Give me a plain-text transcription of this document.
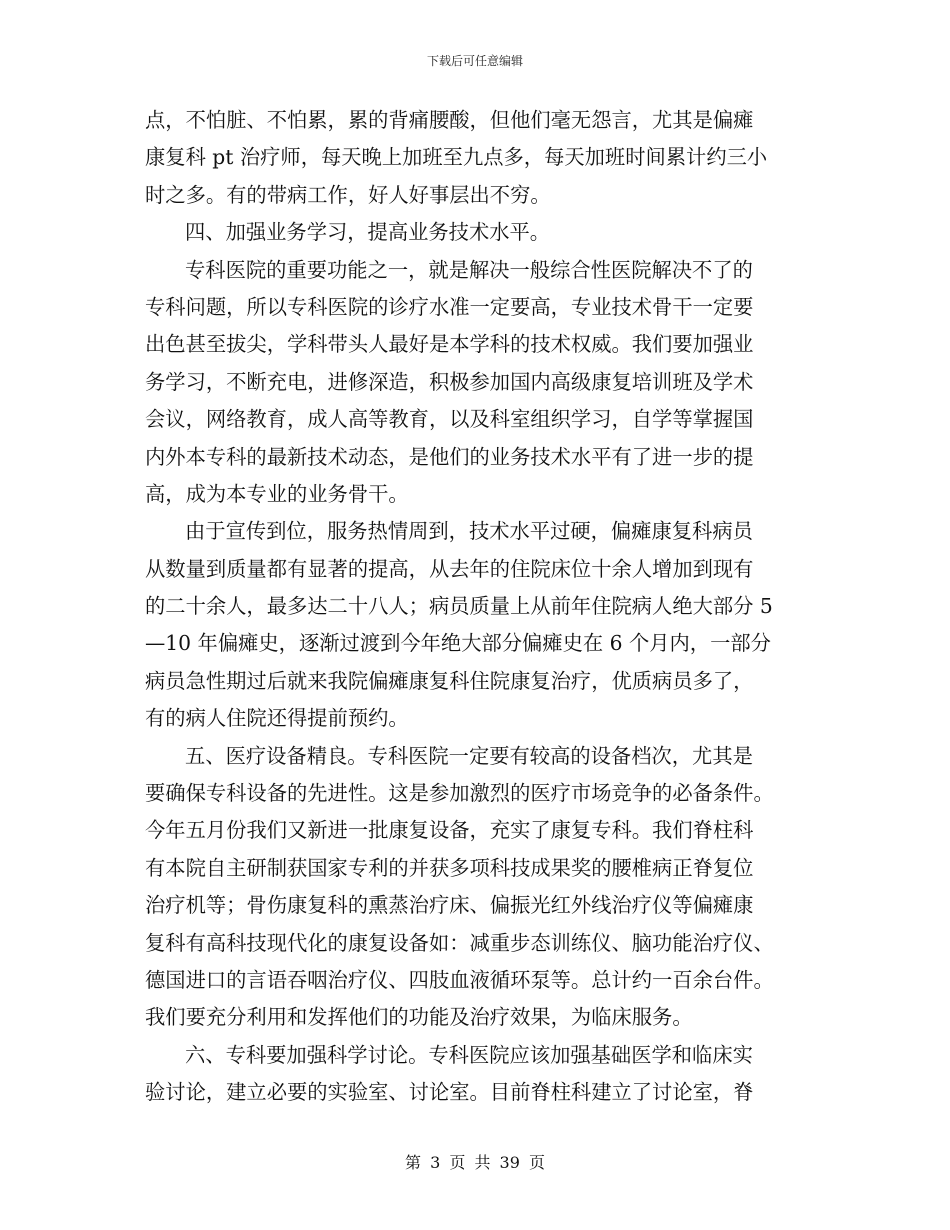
下载后可任意编辑
点，不怕脏、不怕累，累的背痛腰酸，但他们毫无怨言，尤其是偏瘫
康复科 pt 治疗师，每天晚上加班至九点多，每天加班时间累计约三小
时之多。有的带病工作，好人好事层出不穷。
四、加强业务学习，提高业务技术水平。
专科医院的重要功能之一，就是解决一般综合性医院解决不了的
专科问题，所以专科医院的诊疗水准一定要高，专业技术骨干一定要
出色甚至拔尖，学科带头人最好是本学科的技术权威。我们要加强业
务学习，不断充电，进修深造，积极参加国内高级康复培训班及学术
会议，网络教育，成人高等教育，以及科室组织学习，自学等掌握国
内外本专科的最新技术动态，是他们的业务技术水平有了进一步的提
高，成为本专业的业务骨干。
由于宣传到位，服务热情周到，技术水平过硬，偏瘫康复科病员
从数量到质量都有显著的提高，从去年的住院床位十余人增加到现有
的二十余人，最多达二十八人；病员质量上从前年住院病人绝大部分 5
—10 年偏瘫史，逐渐过渡到今年绝大部分偏瘫史在 6 个月内，一部分
病员急性期过后就来我院偏瘫康复科住院康复治疗，优质病员多了，
有的病人住院还得提前预约。
五、医疗设备精良。专科医院一定要有较高的设备档次，尤其是
要确保专科设备的先进性。这是参加激烈的医疗市场竞争的必备条件。
今年五月份我们又新进一批康复设备，充实了康复专科。我们脊柱科
有本院自主研制获国家专利的并获多项科技成果奖的腰椎病正脊复位
治疗机等；骨伤康复科的熏蒸治疗床、偏振光红外线治疗仪等偏瘫康
复科有高科技现代化的康复设备如：减重步态训练仪、脑功能治疗仪、
德国进口的言语吞咽治疗仪、四肢血液循环泵等。总计约一百余台件。
我们要充分利用和发挥他们的功能及治疗效果，为临床服务。
六、专科要加强科学讨论。专科医院应该加强基础医学和临床实
验讨论，建立必要的实验室、讨论室。目前脊柱科建立了讨论室，脊
第 3 页 共 39 页
